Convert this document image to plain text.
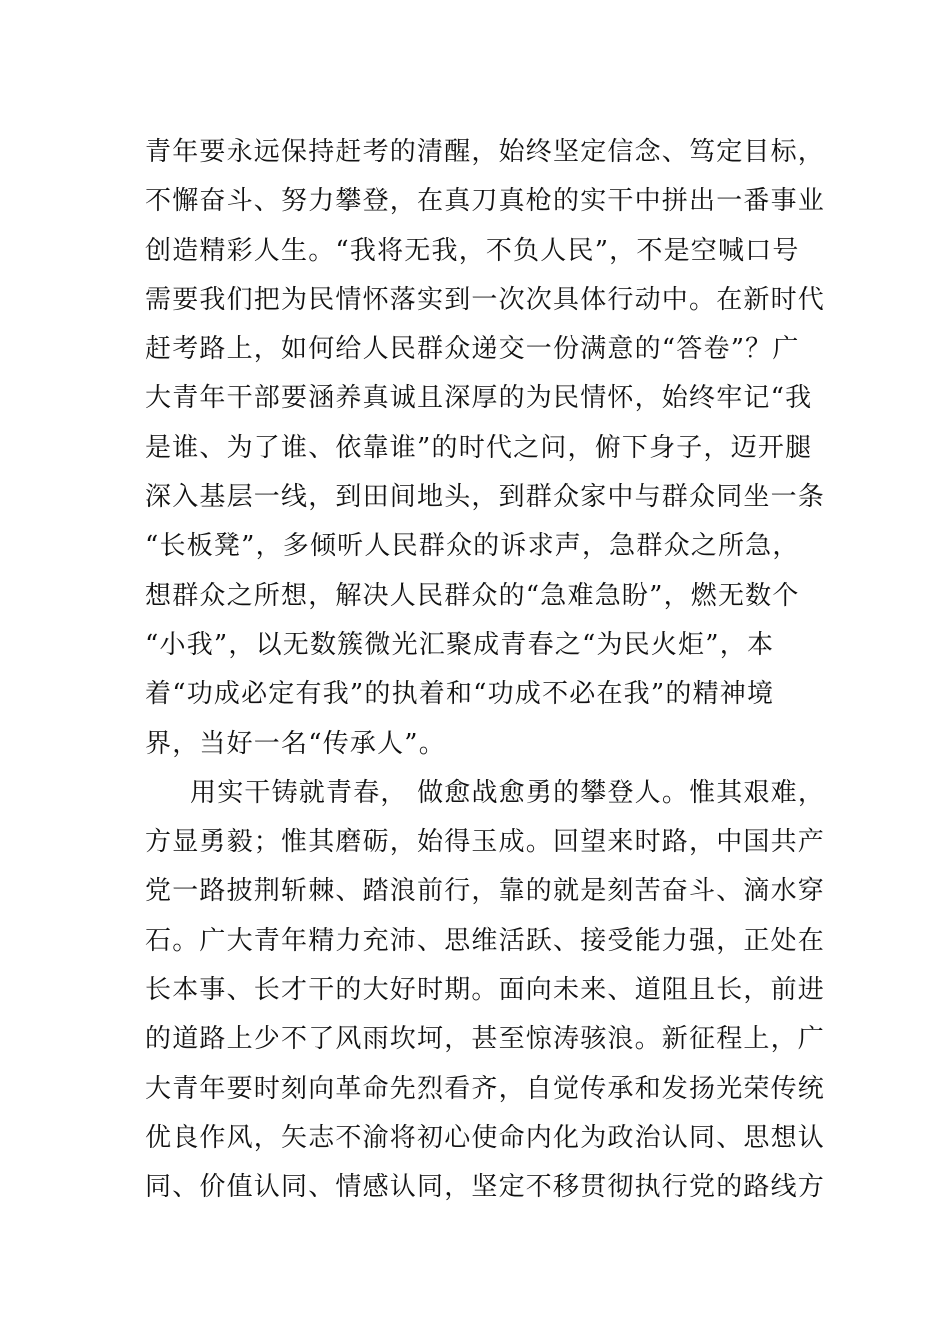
青年要永远保持赶考的清醒，始终坚定信念、笃定目标，
不懈奋斗、努力攀登，在真刀真枪的实干中拼出一番事业
创造精彩人生。“我将无我，不负人民”，不是空喊口号
需要我们把为民情怀落实到一次次具体行动中。在新时代
赶考路上，如何给人民群众递交一份满意的“答卷”？广
大青年干部要涵养真诚且深厚的为民情怀，始终牢记“我
是谁、为了谁、依靠谁”的时代之问，俯下身子，迈开腿
深入基层一线，到田间地头，到群众家中与群众同坐一条
“长板凳”，多倾听人民群众的诉求声，急群众之所急，
想群众之所想，解决人民群众的“急难急盼”，燃无数个
“小我”，以无数簇微光汇聚成青春之“为民火炬”，本
着“功成必定有我”的执着和“功成不必在我”的精神境
界，当好一名“传承人”。
用实干铸就青春， 做愈战愈勇的攀登人。惟其艰难，
方显勇毅；惟其磨砺，始得玉成。回望来时路，中国共产
党一路披荆斩棘、踏浪前行，靠的就是刻苦奋斗、滴水穿
石。广大青年精力充沛、思维活跃、接受能力强，正处在
长本事、长才干的大好时期。面向未来、道阻且长，前进
的道路上少不了风雨坎坷，甚至惊涛骇浪。新征程上，广
大青年要时刻向革命先烈看齐，自觉传承和发扬光荣传统
优良作风，矢志不渝将初心使命内化为政治认同、思想认
同、价值认同、情感认同，坚定不移贯彻执行党的路线方
